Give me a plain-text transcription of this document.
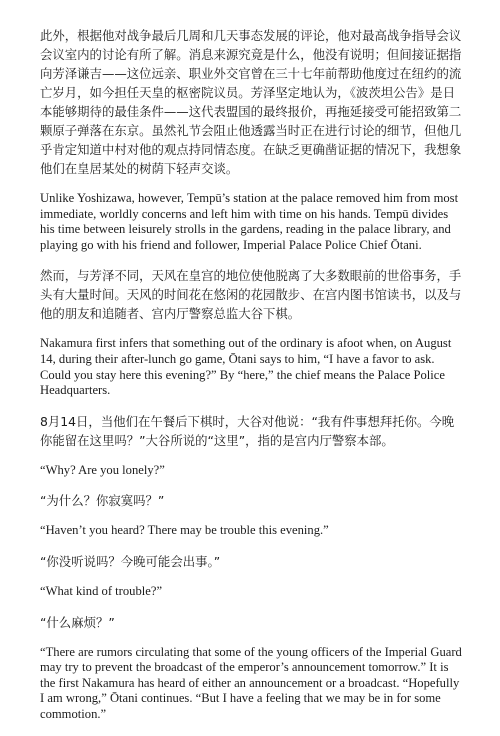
此外，根据他对战争最后几周和几天事态发展的评论，他对最高战争指导会议会议室内的讨论有所了解。消息来源究竟是什么，他没有说明；但间接证据指向芳泽谦吉——这位远亲、职业外交官曾在三十七年前帮助他度过在纽约的流亡岁月，如今担任天皇的枢密院议员。芳泽坚定地认为，《波茨坦公告》是日本能够期待的最佳条件——这代表盟国的最终报价，再拖延接受可能招致第二颗原子弹落在东京。虽然礼节会阻止他透露当时正在进行讨论的细节，但他几乎肯定知道中村对他的观点持同情态度。在缺乏更确凿证据的情况下，我想象他们在皇居某处的树荫下轻声交谈。

Unlike Yoshizawa, however, Tempū’s station at the palace removed him from most immediate, worldly concerns and left him with time on his hands. Tempū divides his time between leisurely strolls in the gardens, reading in the palace library, and playing go with his friend and follower, Imperial Palace Police Chief Ōtani.

然而，与芳泽不同，天风在皇宫的地位使他脱离了大多数眼前的世俗事务，手头有大量时间。天风的时间花在悠闲的花园散步、在宫内图书馆读书，以及与他的朋友和追随者、宫内厅警察总监大谷下棋。

Nakamura first infers that something out of the ordinary is afoot when, on August 14, during their after-lunch go game, Ōtani says to him, “I have a favor to ask. Could you stay here this evening?” By “here,” the chief means the Palace Police Headquarters.

8月14日，当他们在午餐后下棋时，大谷对他说：“我有件事想拜托你。今晚你能留在这里吗？”大谷所说的“这里”，指的是宫内厅警察本部。

“Why? Are you lonely?”

“为什么？你寂寞吗？”

“Haven’t you heard? There may be trouble this evening.”

“你没听说吗？今晚可能会出事。”

“What kind of trouble?”

“什么麻烦？”

“There are rumors circulating that some of the young officers of the Imperial Guard may try to prevent the broadcast of the emperor’s announcement tomorrow.” It is the first Nakamura has heard of either an announcement or a broadcast. “Hopefully I am wrong,” Ōtani continues. “But I have a feeling that we may be in for some commotion.”
